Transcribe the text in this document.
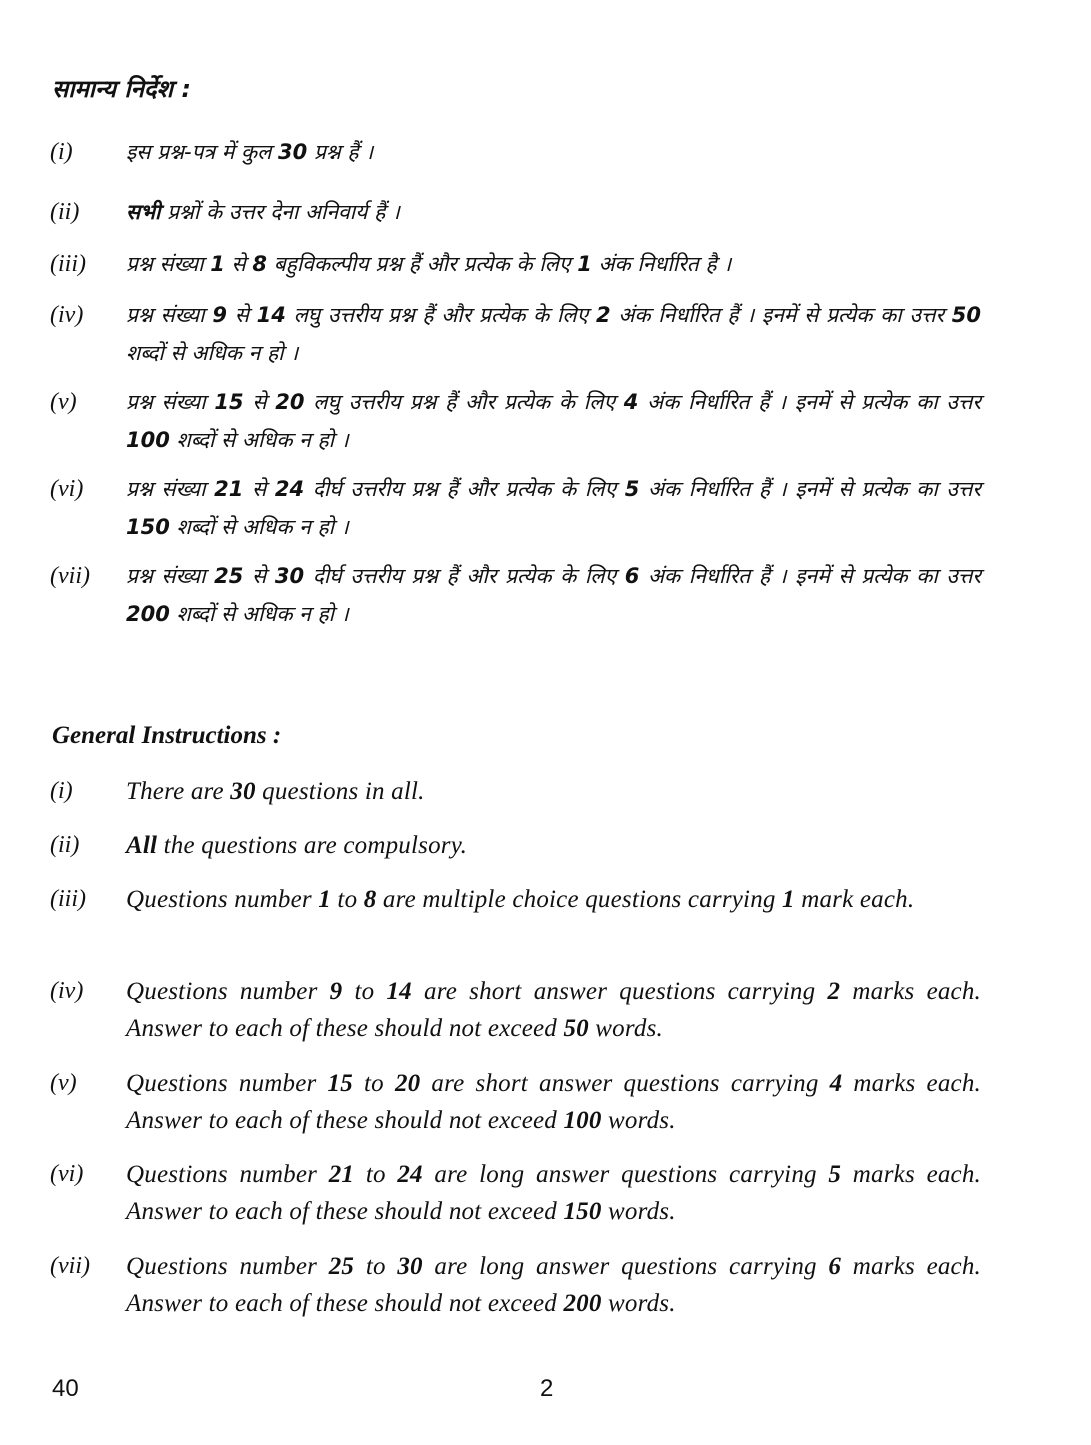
सामान्य निर्देश :
(i)	इस प्रश्न-पत्र में कुल 30 प्रश्न हैं ।
(ii) सभी प्रश्नों के उत्तर देना अनिवार्य हैं ।
(iii) प्रश्न संख्या 1 से 8 बहुविकल्पीय प्रश्न हैं और प्रत्येक के लिए 1 अंक निर्धारित है ।
(iv) प्रश्न संख्या 9 से 14 लघु उत्तरीय प्रश्न हैं और प्रत्येक के लिए 2 अंक निर्धारित हैं । इनमें से प्रत्येक का उत्तर 50 शब्दों से अधिक न हो ।
(v) प्रश्न संख्या 15 से 20 लघु उत्तरीय प्रश्न हैं और प्रत्येक के लिए 4 अंक निर्धारित हैं । इनमें से प्रत्येक का उत्तर 100 शब्दों से अधिक न हो ।
(vi) प्रश्न संख्या 21 से 24 दीर्घ उत्तरीय प्रश्न हैं और प्रत्येक के लिए 5 अंक निर्धारित हैं । इनमें से प्रत्येक का उत्तर 150 शब्दों से अधिक न हो ।
(vii) प्रश्न संख्या 25 से 30 दीर्घ उत्तरीय प्रश्न हैं और प्रत्येक के लिए 6 अंक निर्धारित हैं । इनमें से प्रत्येक का उत्तर 200 शब्दों से अधिक न हो ।
General Instructions :
(i) There are 30 questions in all.
(ii) All the questions are compulsory.
(iii) Questions number 1 to 8 are multiple choice questions carrying 1 mark each.
(iv) Questions number 9 to 14 are short answer questions carrying 2 marks each. Answer to each of these should not exceed 50 words.
(v) Questions number 15 to 20 are short answer questions carrying 4 marks each. Answer to each of these should not exceed 100 words.
(vi) Questions number 21 to 24 are long answer questions carrying 5 marks each. Answer to each of these should not exceed 150 words.
(vii) Questions number 25 to 30 are long answer questions carrying 6 marks each. Answer to each of these should not exceed 200 words.
40	2
